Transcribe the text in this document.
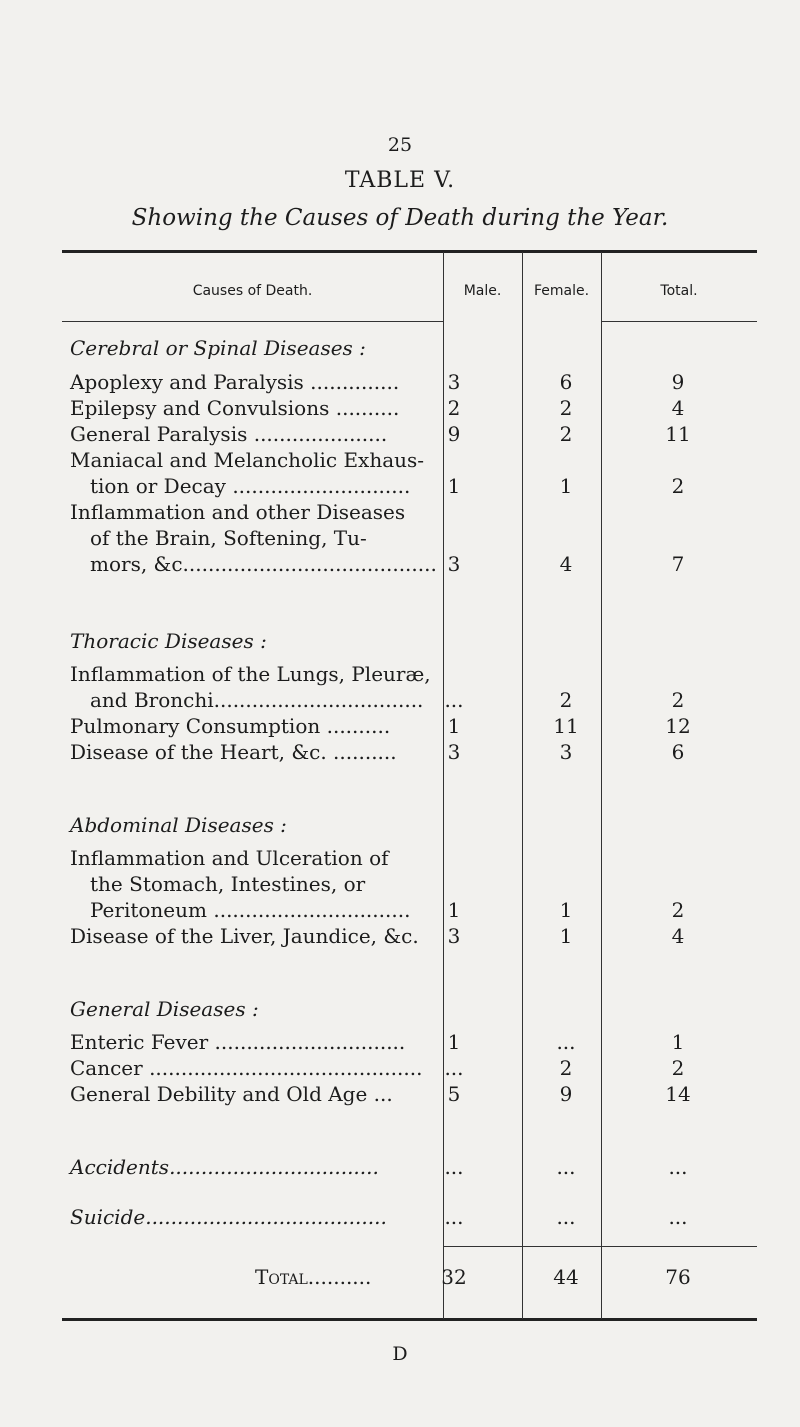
25
TABLE V.
Showing the Causes of Death during the Year.
Causes of Death.	Male.	Female.	Total.
Cerebral or Spinal Diseases :
Apoplexy and Paralysis ..............	3	6	9
Epilepsy and Convulsions ..........	2	2	4
General Paralysis .....................	9	2	11
Maniacal and Melancholic Exhaus-
tion or Decay ............................	1	1	2
Inflammation and other Diseases
of the Brain, Softening, Tu-
mors, &c........................................ 3	4	7
Thoracic Diseases :
Inflammation of the Lungs, Pleuræ,
and Bronchi.................................	...	2	2
Pulmonary Consumption ..........	1	11	12
Disease of the Heart, &c. ..........	3	3	6
Abdominal Diseases :
Inflammation and Ulceration of
the Stomach, Intestines, or
Peritoneum ...............................	1	1	2
Disease of the Liver, Jaundice, &c.	3	1	4
General Diseases :
Enteric Fever ..............................	1	...	1
Cancer ...........................................	...	2	2
General Debility and Old Age ...	5	9	14
Accidents.................................	...	...	...
Suicide......................................	...	...	...
Total..........	32	44	76
D
